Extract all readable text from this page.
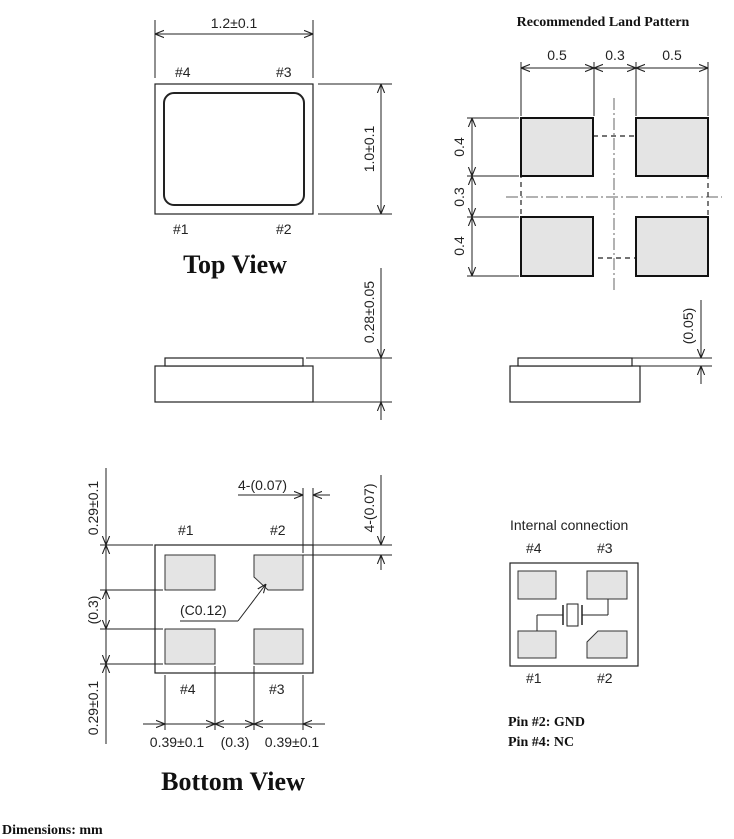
1.2±0.1
1.0±0.1
#4	#3
#1	#2
Top View
0.28±0.05
Recommended Land Pattern
0.5	0.3	0.5
0.4
0.3
0.4
(0.05)
#1	#2
#4	#3
(C0.12)
4-(0.07)	4-(0.07)
0.29±0.1
(0.3)
0.29±0.1
0.39±0.1 (0.3) 0.39±0.1
Bottom View
Internal connection
#4	#3
#1	#2
Pin #2: GND
Pin #4: NC
Dimensions: mm
